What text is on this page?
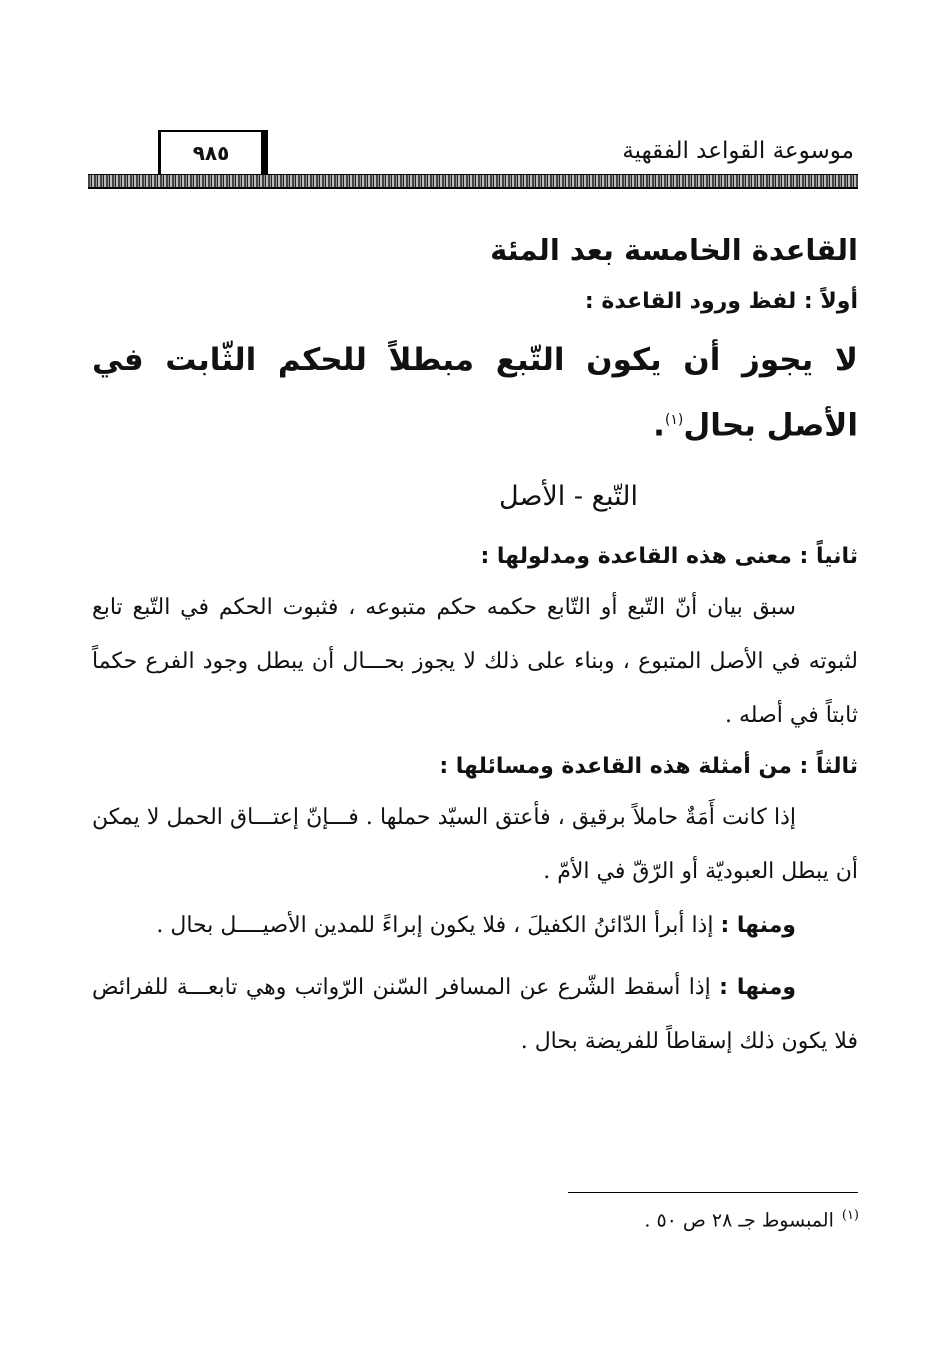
موسوعة القواعد الفقهية
٩٨٥

القاعدة الخامسة بعد المئة

أولاً : لفظ ورود القاعدة :

لا يجوز أن يكون التّبع مبطلاً للحكم الثّابت في الأصل بحال$^{(١)}$.

التّبع - الأصل

ثانياً : معنى هذه القاعدة ومدلولها :

سبق بيان أنّ التّبع أو التّابع حكمه حكم متبوعه ، فثبوت الحكم في التّبع تابع لثبوته في الأصل المتبوع ، وبناء على ذلك لا يجوز بحـــال أن يبطل وجود الفرع حكماً ثابتاً في أصله .

ثالثاً : من أمثلة هذه القاعدة ومسائلها :

إذا كانت أَمَةٌ حاملاً برقيق ، فأعتق السيّد حملها . فـــإنّ إعتـــاق الحمل لا يمكن أن يبطل العبوديّة أو الرّقّ في الأمّ .

ومنها : إذا أبرأ الدّائنُ الكفيلَ ، فلا يكون إبراءً للمدين الأصيــــل بحال .

ومنها : إذا أسقط الشّرع عن المسافر السّنن الرّواتب وهي تابعـــة للفرائض فلا يكون ذلك إسقاطاً للفريضة بحال .

$^{(١)}$المبسوط جـ ٢٨ ص ٥٠ .
